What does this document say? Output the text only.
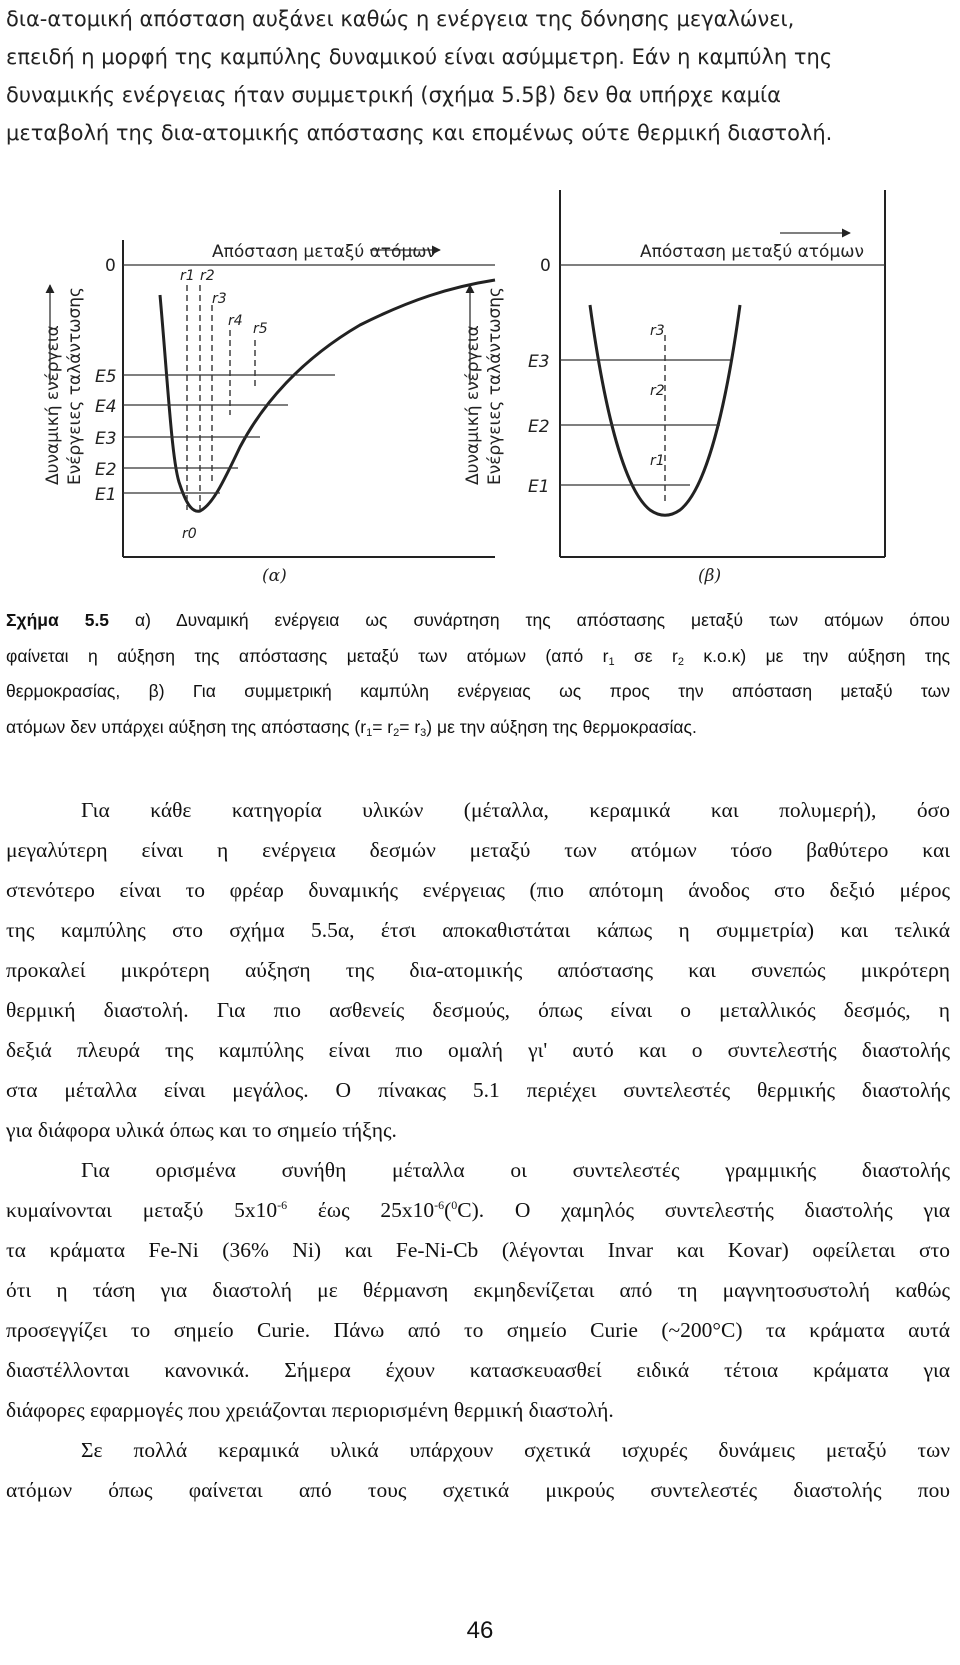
δια-ατομική απόσταση αυξάνει καθώς η ενέργεια της δόνησης μεγαλώνει,
επειδή η μορφή της καμπύλης δυναμικού είναι ασύμμετρη. Εάν η καμπύλη της
δυναμικής ενέργειας ήταν συμμετρική (σχήμα 5.5β) δεν θα υπήρχε καμία
μεταβολή της δια-ατομικής απόστασης και επομένως ούτε θερμική διαστολή.
Απόσταση μεταξύ ατόμων
0
Δυναμική ενέργεια Ενέργειες ταλάντωσης E5
E4
E3
E2
E1
r1 r2
r3
r4 r5
r0
(α)
Απόσταση μεταξύ ατόμων
0
Δυναμική ενέργεια Ενέργειες ταλάντωσης E3
E2
E1
r3
r2
r1
(β)
Σχήμα 5.5 α) Δυναμική ενέργεια ως συνάρτηση της απόστασης μεταξύ των ατόμων όπου
φαίνεται η αύξηση της απόστασης μεταξύ των ατόμων (από $r_1$ σε $r_2$ κ.ο.κ) με την αύξηση της
θερμοκρασίας, β) Για συμμετρική καμπύλη ενέργειας ως προς την απόσταση μεταξύ των
ατόμων δεν υπάρχει αύξηση της απόστασης $(r_1= r_2= r_3)$ με την αύξηση της θερμοκρασίας.
Για κάθε κατηγορία υλικών (μέταλλα, κεραμικά και πολυμερή), όσο
μεγαλύτερη είναι η ενέργεια δεσμών μεταξύ των ατόμων τόσο βαθύτερο και
στενότερο είναι το φρέαρ δυναμικής ενέργειας (πιο απότομη άνοδος στο δεξιό μέρος
της καμπύλης στο σχήμα 5.5α, έτσι αποκαθιστάται κάπως η συμμετρία) και τελικά
προκαλεί μικρότερη αύξηση της δια-ατομικής απόστασης και συνεπώς μικρότερη
θερμική διαστολή. Για πιο ασθενείς δεσμούς, όπως είναι ο μεταλλικός δεσμός, η
δεξιά πλευρά της καμπύλης είναι πιο ομαλή γι' αυτό και ο συντελεστής διαστολής
στα μέταλλα είναι μεγάλος. Ο πίνακας 5.1 περιέχει συντελεστές θερμικής διαστολής
για διάφορα υλικά όπως και το σημείο τήξης.
Για ορισμένα συνήθη μέταλλα οι συντελεστές γραμμικής διαστολής
κυμαίνονται μεταξύ $5x10^{-6}$ έως $25x10^{-6}(^0C)$. Ο χαμηλός συντελεστής διαστολής για
τα κράματα Fe-Ni (36% Ni) και Fe-Ni-Cb (λέγονται Invar και Kovar) οφείλεται στο
ότι η τάση για διαστολή με θέρμανση εκμηδενίζεται από τη μαγνητοσυστολή καθώς
προσεγγίζει το σημείο Curie. Πάνω από το σημείο Curie (~200°C) τα κράματα αυτά
διαστέλλονται κανονικά. Σήμερα έχουν κατασκευασθεί ειδικά τέτοια κράματα για
διάφορες εφαρμογές που χρειάζονται περιορισμένη θερμική διαστολή.
Σε πολλά κεραμικά υλικά υπάρχουν σχετικά ισχυρές δυνάμεις μεταξύ των
ατόμων όπως φαίνεται από τους σχετικά μικρούς συντελεστές διαστολής που
46
